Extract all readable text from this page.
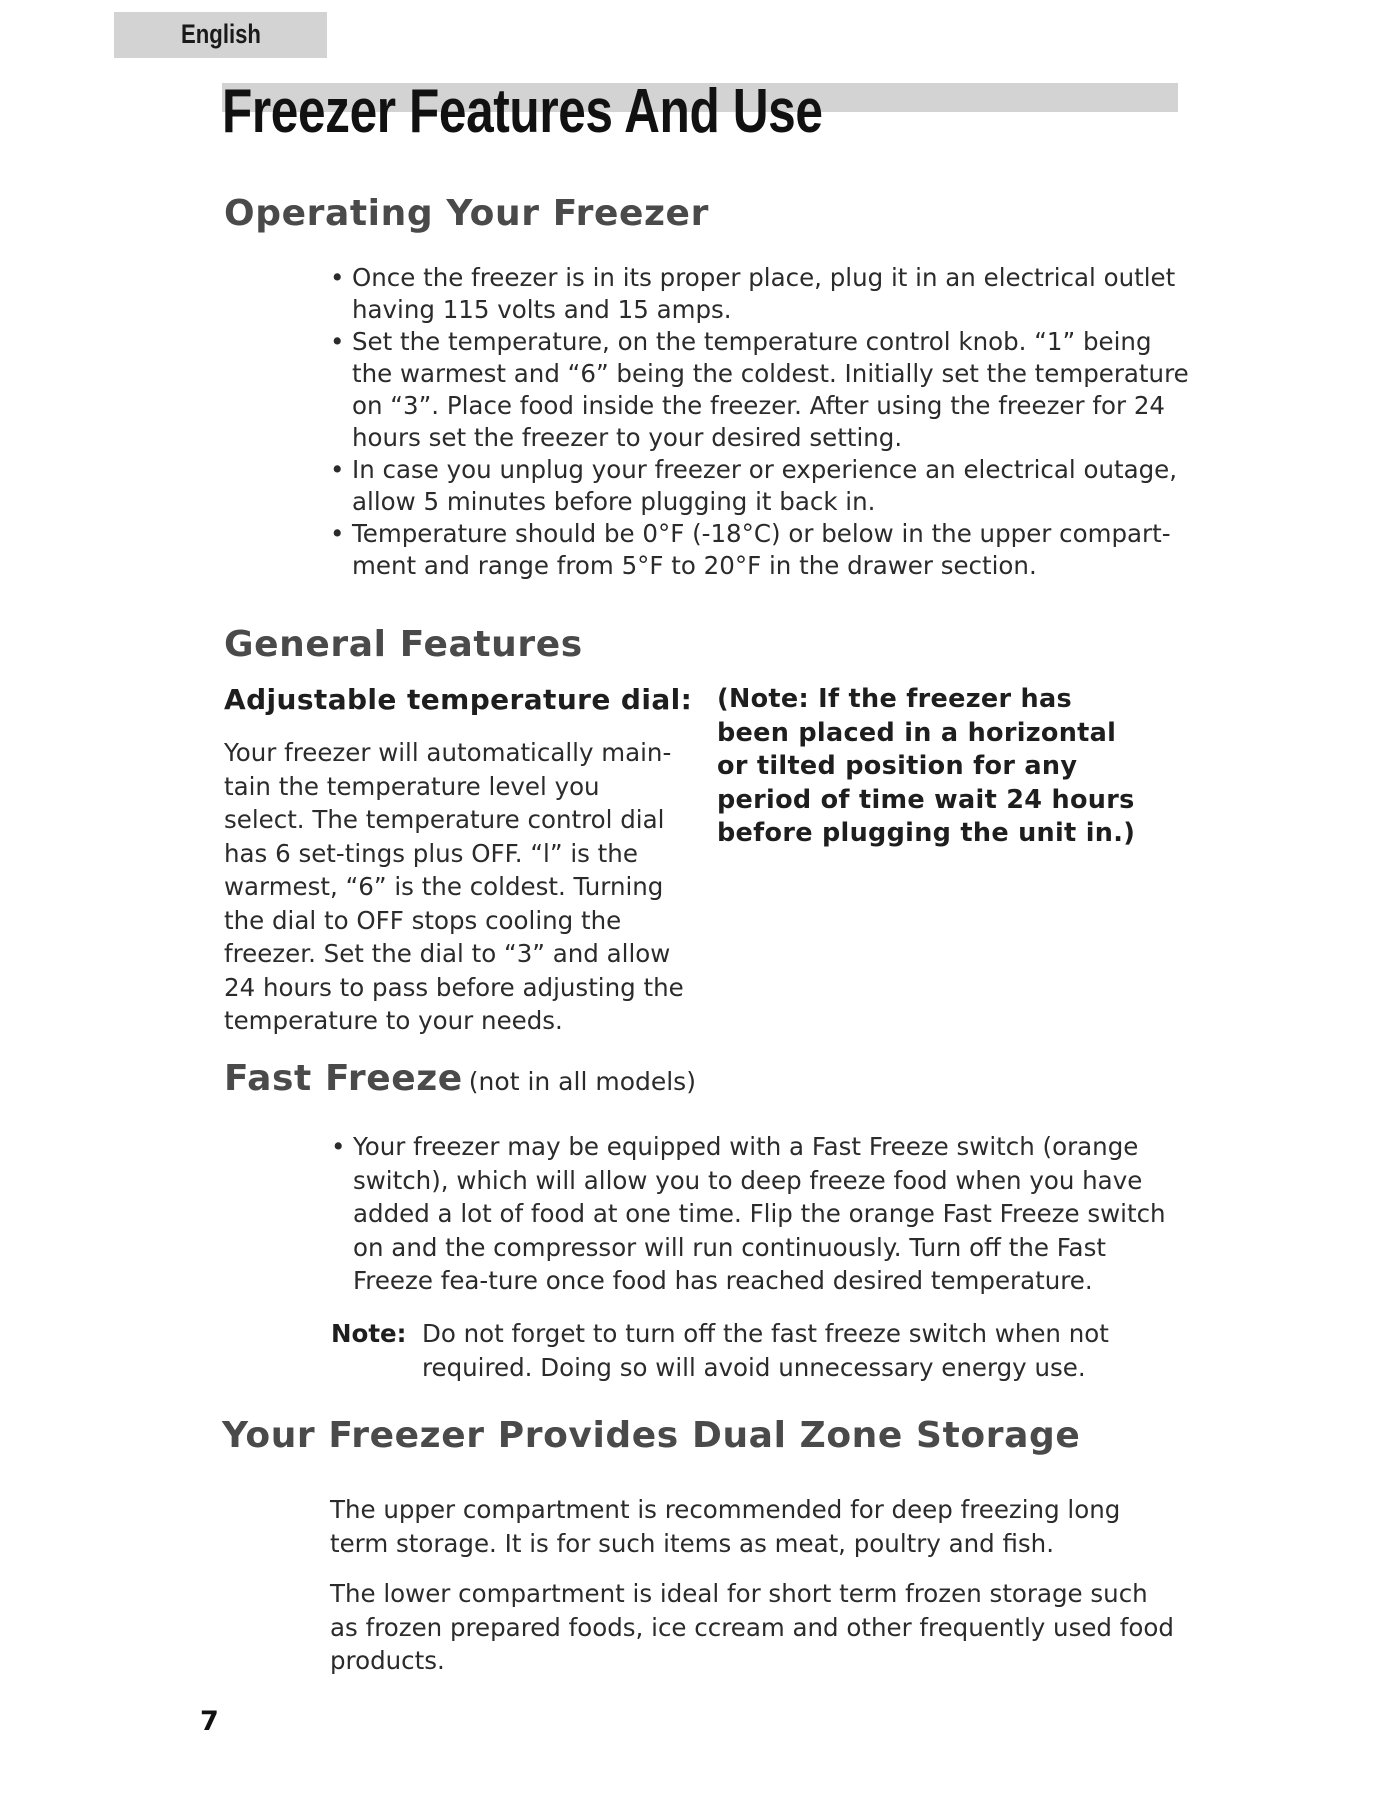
English
Freezer Features And Use
Operating Your Freezer
• Once the freezer is in its proper place, plug it in an electrical outlet having 115 volts and 15 amps.
• Set the temperature, on the temperature control knob. “1” being the warmest and “6” being the coldest. Initially set the temperature on “3”. Place food inside the freezer. After using the freezer for 24 hours set the freezer to your desired setting.
• In case you unplug your freezer or experience an electrical outage, allow 5 minutes before plugging it back in.
• Temperature should be 0°F (-18°C) or below in the upper compart-ment and range from 5°F to 20°F in the drawer section.
General Features
Adjustable temperature dial:

Your freezer will automatically main-tain the temperature level you select. The temperature control dial has 6 set-tings plus OFF. “l” is the warmest, “6” is the coldest. Turning the dial to OFF stops cooling the freezer. Set the dial to “3” and allow 24 hours to pass before adjusting the temperature to your needs.

(Note: If the freezer has been placed in a horizontal or tilted position for any period of time wait 24 hours before plugging the unit in.)

Fast Freeze (not in all models)
• Your freezer may be equipped with a Fast Freeze switch (orange switch), which will allow you to deep freeze food when you have added a lot of food at one time. Flip the orange Fast Freeze switch on and the compressor will run continuously. Turn off the Fast Freeze fea-ture once food has reached desired temperature.
Note: Do not forget to turn off the fast freeze switch when not required. Doing so will avoid unnecessary energy use.
Your Freezer Provides Dual Zone Storage

The upper compartment is recommended for deep freezing long term storage. It is for such items as meat, poultry and fish.

The lower compartment is ideal for short term frozen storage such as frozen prepared foods, ice ccream and other frequently used food products.

7
